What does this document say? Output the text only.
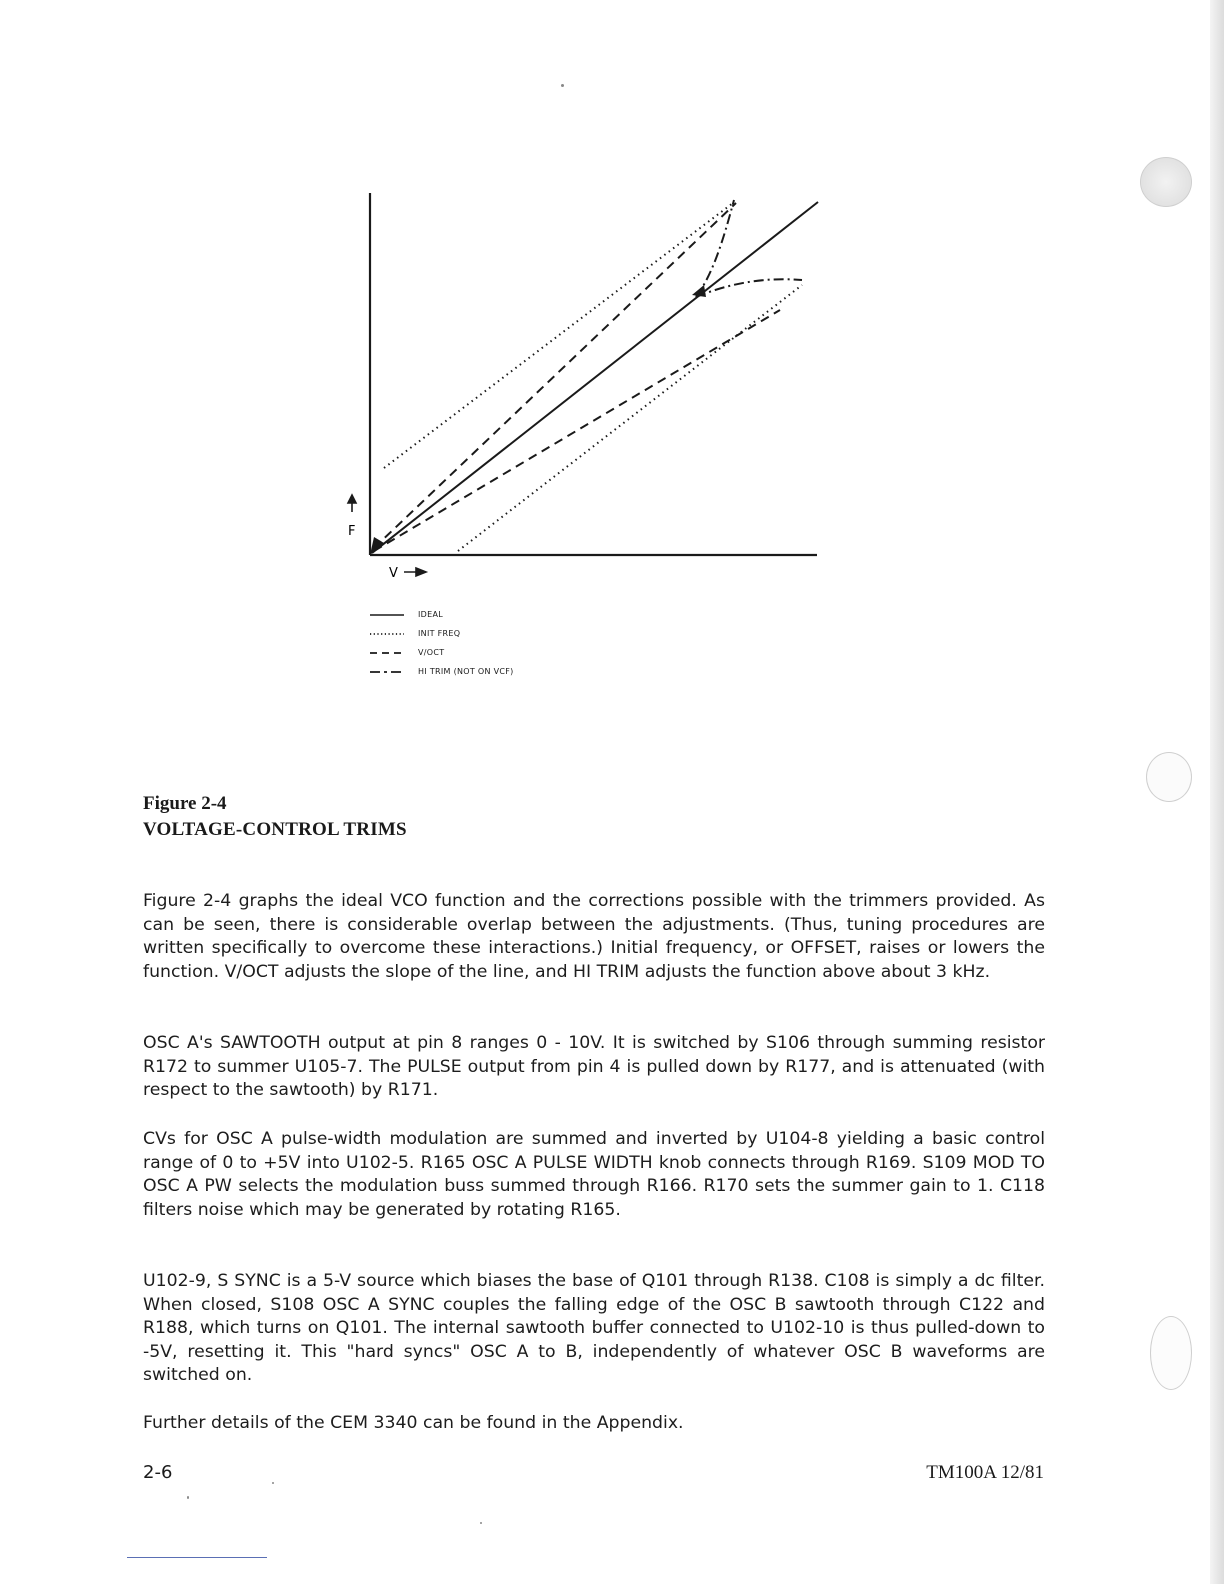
F
V
IDEAL
INIT FREQ
V/OCT
HI TRIM (NOT ON VCF)

Figure 2-4

VOLTAGE-CONTROL TRIMS

Figure 2-4 graphs the ideal VCO function and the corrections possible with the trimmers provided. As can be seen, there is considerable overlap between the adjustments. (Thus, tuning procedures are written specifically to overcome these interactions.) Initial frequency, or OFFSET, raises or lowers the function. V/OCT adjusts the slope of the line, and HI TRIM adjusts the function above about 3 kHz.

OSC A's SAWTOOTH output at pin 8 ranges 0 - 10V. It is switched by S106 through summing resistor R172 to summer U105-7. The PULSE output from pin 4 is pulled down by R177, and is attenuated (with respect to the sawtooth) by R171.

CVs for OSC A pulse-width modulation are summed and inverted by U104-8 yielding a basic control range of 0 to +5V into U102-5. R165 OSC A PULSE WIDTH knob connects through R169. S109 MOD TO OSC A PW selects the modulation buss summed through R166. R170 sets the summer gain to 1. C118 filters noise which may be generated by rotating R165.

U102-9, S SYNC is a 5-V source which biases the base of Q101 through R138. C108 is simply a dc filter. When closed, S108 OSC A SYNC couples the falling edge of the OSC B sawtooth through C122 and R188, which turns on Q101. The internal sawtooth buffer connected to U102-10 is thus pulled-down to -5V, resetting it. This "hard syncs" OSC A to B, independently of whatever OSC B waveforms are switched on.

Further details of the CEM 3340 can be found in the Appendix.

2-6	TM100A 12/81
